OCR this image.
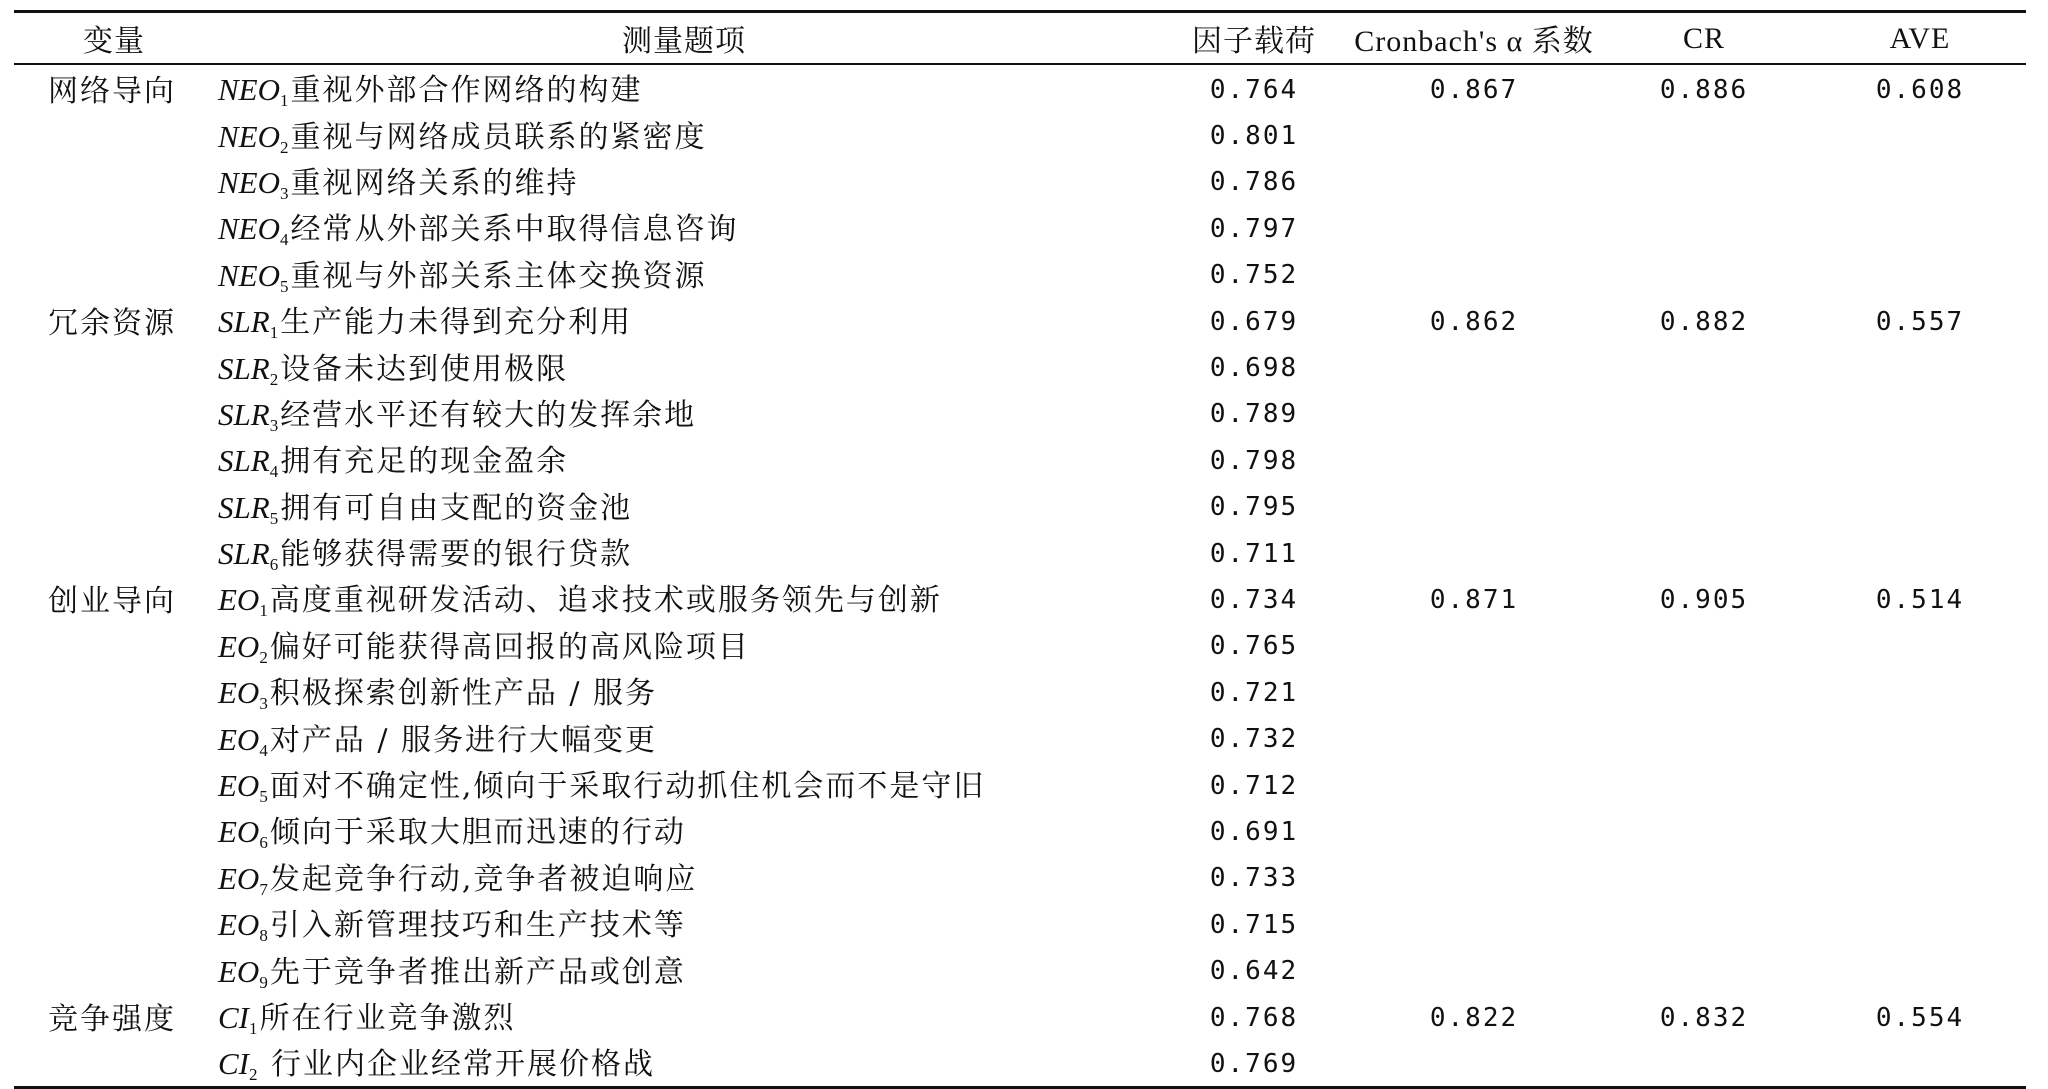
变量	测量题项	因子载荷	Cronbach's α 系数	CR	AVE
网络导向	$NEO_1$重视外部合作网络的构建	0.764	0.867	0.886	0.608
	$NEO_2$重视与网络成员联系的紧密度	0.801			
	$NEO_3$重视网络关系的维持	0.786			
	$NEO_4$经常从外部关系中取得信息咨询	0.797			
	$NEO_5$重视与外部关系主体交换资源	0.752			
冗余资源	$SLR_1$生产能力未得到充分利用	0.679	0.862	0.882	0.557
	$SLR_2$设备未达到使用极限	0.698			
	$SLR_3$经营水平还有较大的发挥余地	0.789			
	$SLR_4$拥有充足的现金盈余	0.798			
	$SLR_5$拥有可自由支配的资金池	0.795			
	$SLR_6$能够获得需要的银行贷款	0.711			
创业导向	$EO_1$高度重视研发活动、追求技术或服务领先与创新	0.734	0.871	0.905	0.514
	$EO_2$偏好可能获得高回报的高风险项目	0.765			
	$EO_3$积极探索创新性产品 / 服务	0.721			
	$EO_4$对产品 / 服务进行大幅变更	0.732			
	$EO_5$面对不确定性,倾向于采取行动抓住机会而不是守旧	0.712			
	$EO_6$倾向于采取大胆而迅速的行动	0.691			
	$EO_7$发起竞争行动,竞争者被迫响应	0.733			
	$EO_8$引入新管理技巧和生产技术等	0.715			
	$EO_9$先于竞争者推出新产品或创意	0.642			
竞争强度	$CI_1$所在行业竞争激烈	0.768	0.822	0.832	0.554
	$CI_2$ 行业内企业经常开展价格战	0.769			
